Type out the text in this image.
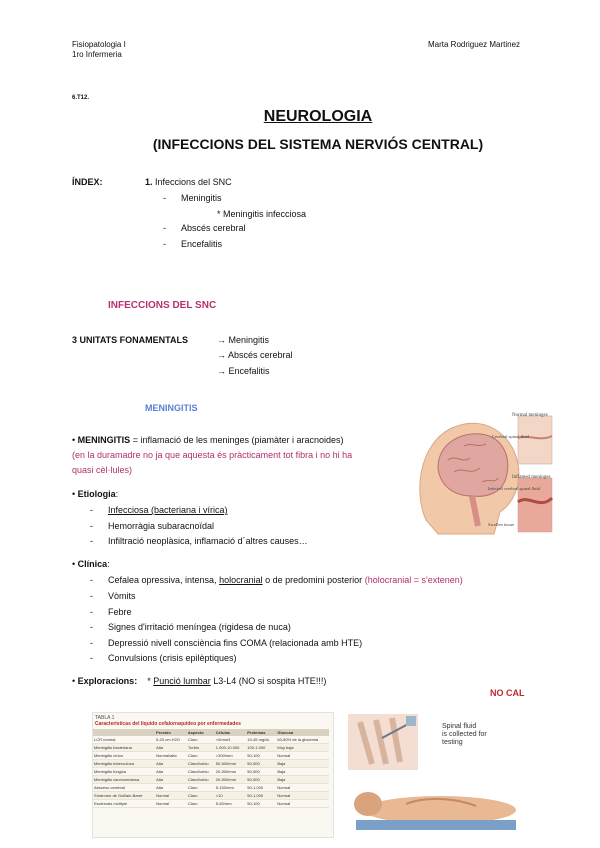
Fisiopatologia I
1ro Infermeria
Marta Rodriguez Martinez
6.T12.
NEUROLOGIA
(INFECCIONS DEL SISTEMA NERVIÓS CENTRAL)
ÍNDEX:	1. Infeccions del SNC
- Meningitis
* Meningitis infecciosa
- Abscés cerebral
- Encefalitis
INFECCIONS DEL SNC
3 UNITATS FONAMENTALS	→ Meningitis
→ Abscés cerebral
→ Encefalitis
MENINGITIS
• MENINGITIS = inflamació de les meninges (piamàter i aracnoides)
(en la duramadre no ja que aquesta és pràcticament tot fibra i no hi ha
quasi cèl·lules)
• Etiologia:
- Infecciosa (bacteriana i vírica)
- Hemorràgia subaracnoïdal
- Infiltració neoplàsica, inflamació d´altres causes…
• Clínica:
- Cefalea opressiva, intensa, holocranial o de predomini posterior (holocranial = s'extenen)
- Vòmits
- Febre
- Signes d'irritació meníngea (rigidesa de nuca)
- Depressió nivell consciència fins COMA (relacionada amb HTE)
- Convulsions (crisis epilèptiques)
• Exploracions: * Punció lumbar L3-L4 (NO si sospita HTE!!!)
NO CAL
Normal meninges
Cerebral spinal fluid
Inflamed meninges
Infected cerebral spinal fluid
Swollen tissue
TABLA 1
Características del líquido cefalorraquídeo por enfermedades
	Presión	Aspecto	Células	Proteínas	Glucosa
LCR normal	5-20 cm H2O	Claro	<5/mm3	15-45 mg/dL	60-80% de la glucemia
Meningitis bacteriana	Alta	Turbio	1.000-10.000	100-1.000	Muy baja
Meningitis vírica	Normal/alta	Claro	<300/mm	50-100	Normal
Meningitis tuberculosa	Alta	Claro/turbio	50-500/mm	50-500	Baja
Meningitis fúngica	Alta	Claro/turbio	20-500/mm	50-500	Baja
Meningitis carcinomatosa	Alta	Claro/turbio	20-500/mm	50-500	Baja
Absceso cerebral	Alta	Claro	5-100/mm	50-1.000	Normal
Síndrome de Guillain-Barré	Normal	Claro	<10	50-1.000	Normal
Esclerosis múltiple	Normal	Claro	5-50/mm	50-100	Normal
Spinal fluid is collected for testing
